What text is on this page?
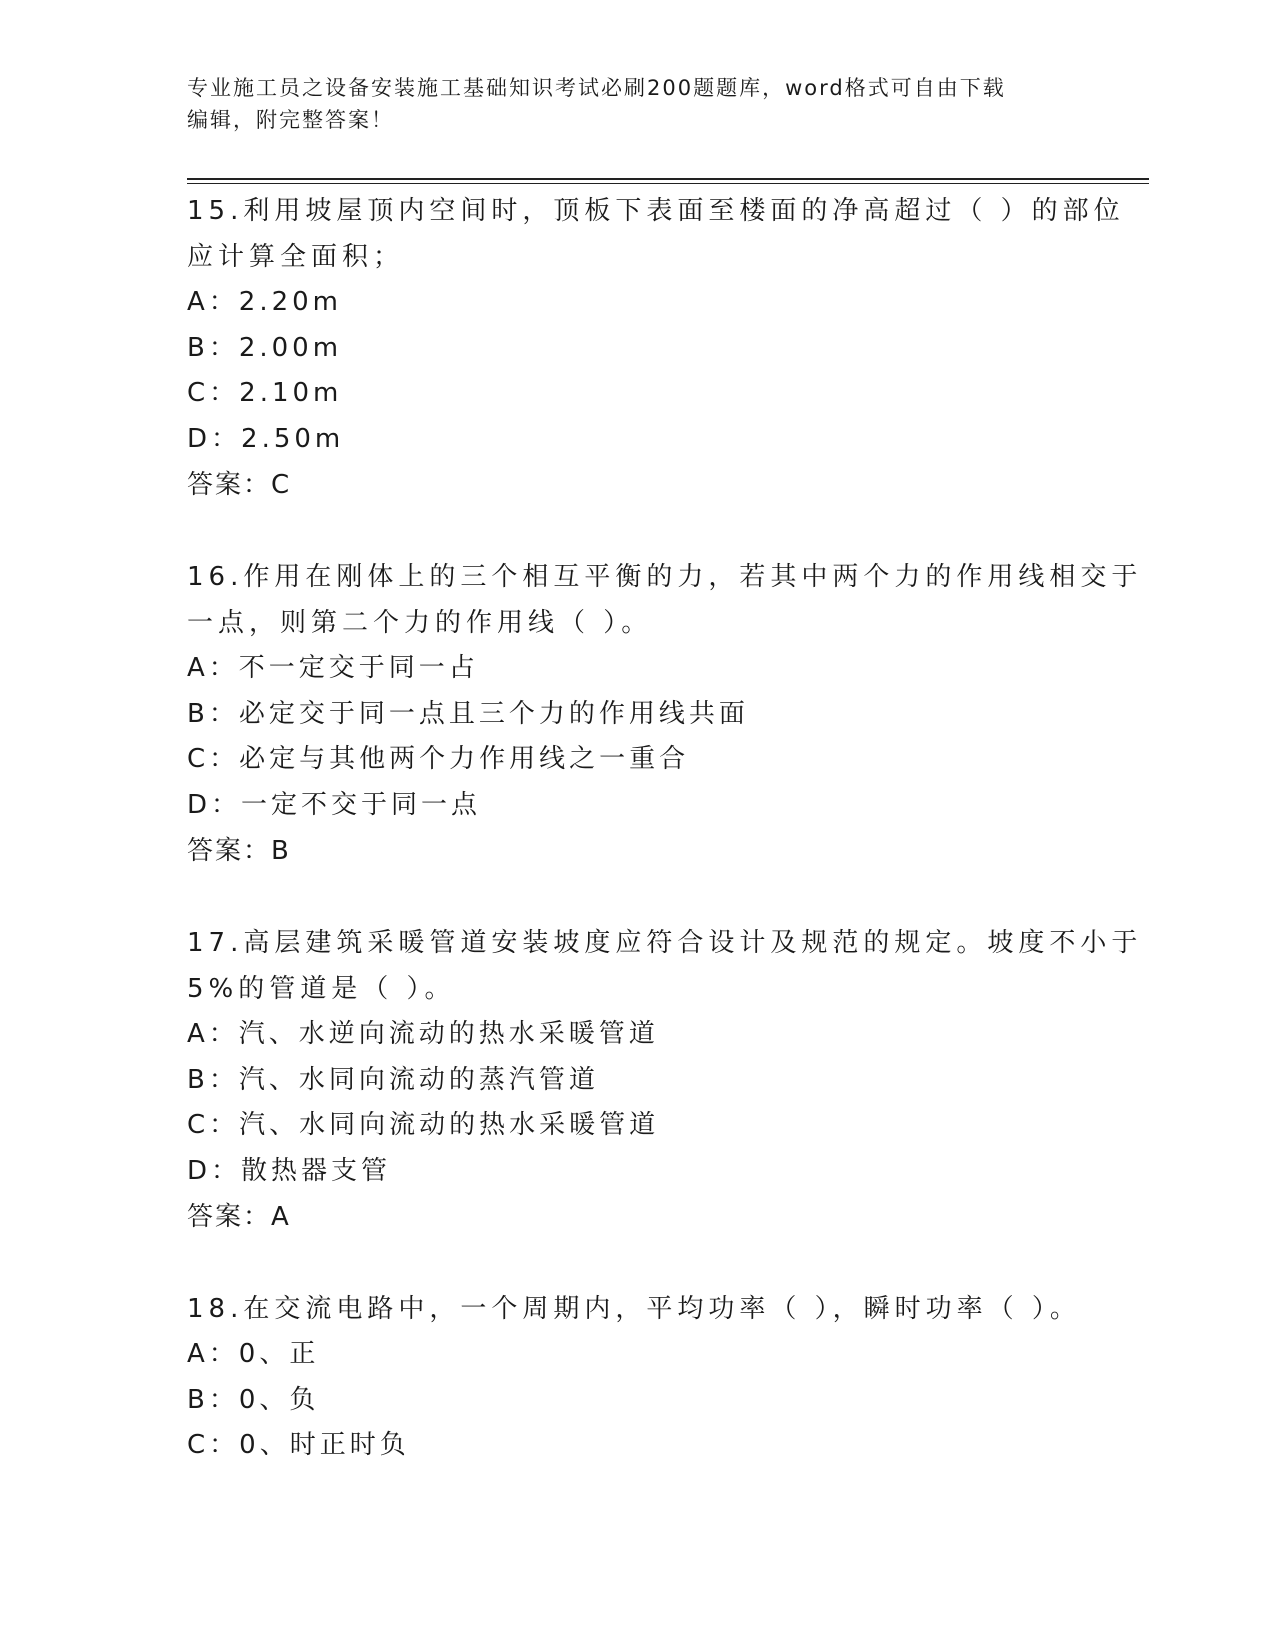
专业施工员之设备安装施工基础知识考试必刷200题题库，word格式可自由下载
编辑，附完整答案！
15.利用坡屋顶内空间时，顶板下表面至楼面的净高超过（ ）的部位
应计算全面积；
A：2.20m
B：2.00m
C：2.10m
D：2.50m
答案：C
16.作用在刚体上的三个相互平衡的力，若其中两个力的作用线相交于
一点，则第二个力的作用线（ ）。
A：不一定交于同一占
B：必定交于同一点且三个力的作用线共面
C：必定与其他两个力作用线之一重合
D：一定不交于同一点
答案：B
17.高层建筑采暖管道安装坡度应符合设计及规范的规定。坡度不小于
5%的管道是（ ）。
A：汽、水逆向流动的热水采暖管道
B：汽、水同向流动的蒸汽管道
C：汽、水同向流动的热水采暖管道
D：散热器支管
答案：A
18.在交流电路中，一个周期内，平均功率（ ），瞬时功率（ ）。
A：0、正
B：0、负
C：0、时正时负
